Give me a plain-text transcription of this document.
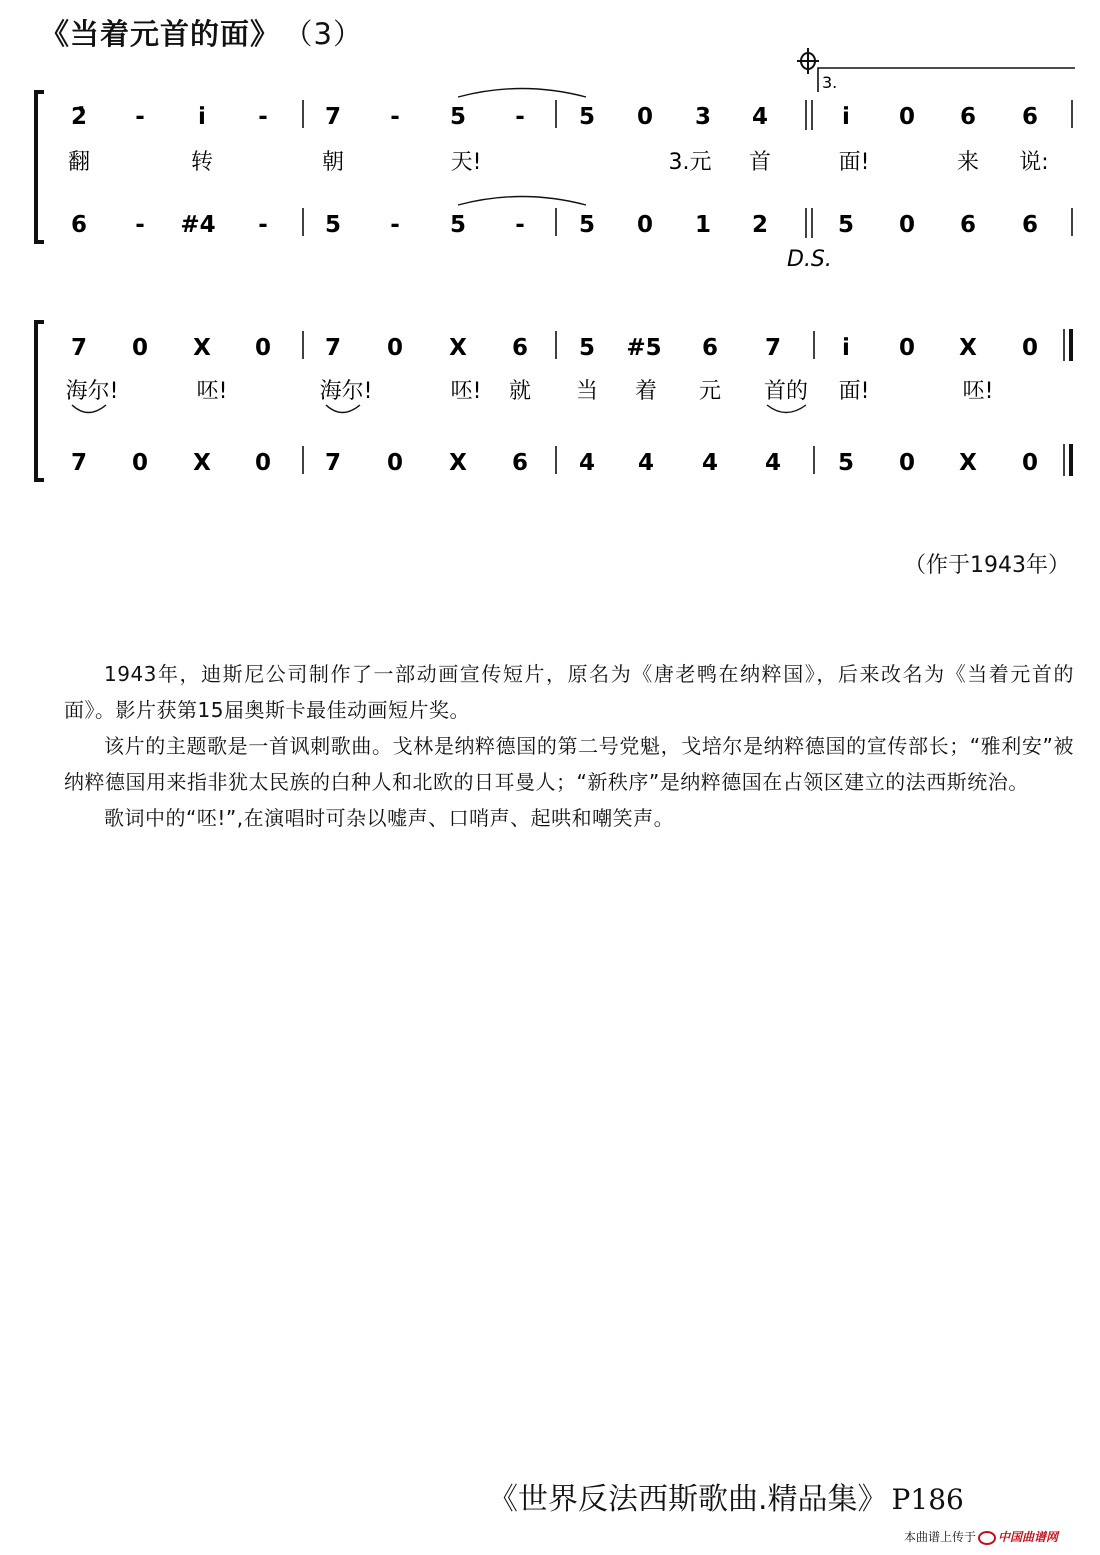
《当着元首的面》 （3）
3.
2̇ - i̇ - 7 - 5 - 5 0 3 4	i̇ 0 6 6
翻	转	朝	天!	3.元 首	面!	来 说:
6 - #4 - 5 - 5 - 5 0 1 2	5 0 6 6
D.S.
7 0 X 0 7 0 X 6 5 #5 6 7	i̇ 0 X 0
海尔!	呸!	海尔!	呸! 就 当 着 元 首的 面!	呸!
7 0 X 0 7 0 X 6 4 4 4 4 5 0 X 0
（作于1943年）

1943年，迪斯尼公司制作了一部动画宣传短片，原名为《唐老鸭在纳粹国》，后来改名为《当着元首的面》。影片获第15届奥斯卡最佳动画短片奖。

该片的主题歌是一首讽刺歌曲。戈林是纳粹德国的第二号党魁，戈培尔是纳粹德国的宣传部长；“雅利安”被纳粹德国用来指非犹太民族的白种人和北欧的日耳曼人；“新秩序”是纳粹德国在占领区建立的法西斯统治。

歌词中的“呸!”,在演唱时可杂以嘘声、口哨声、起哄和嘲笑声。

《世界反法西斯歌曲.精品集》 P186
本曲谱上传于 中国曲谱网
